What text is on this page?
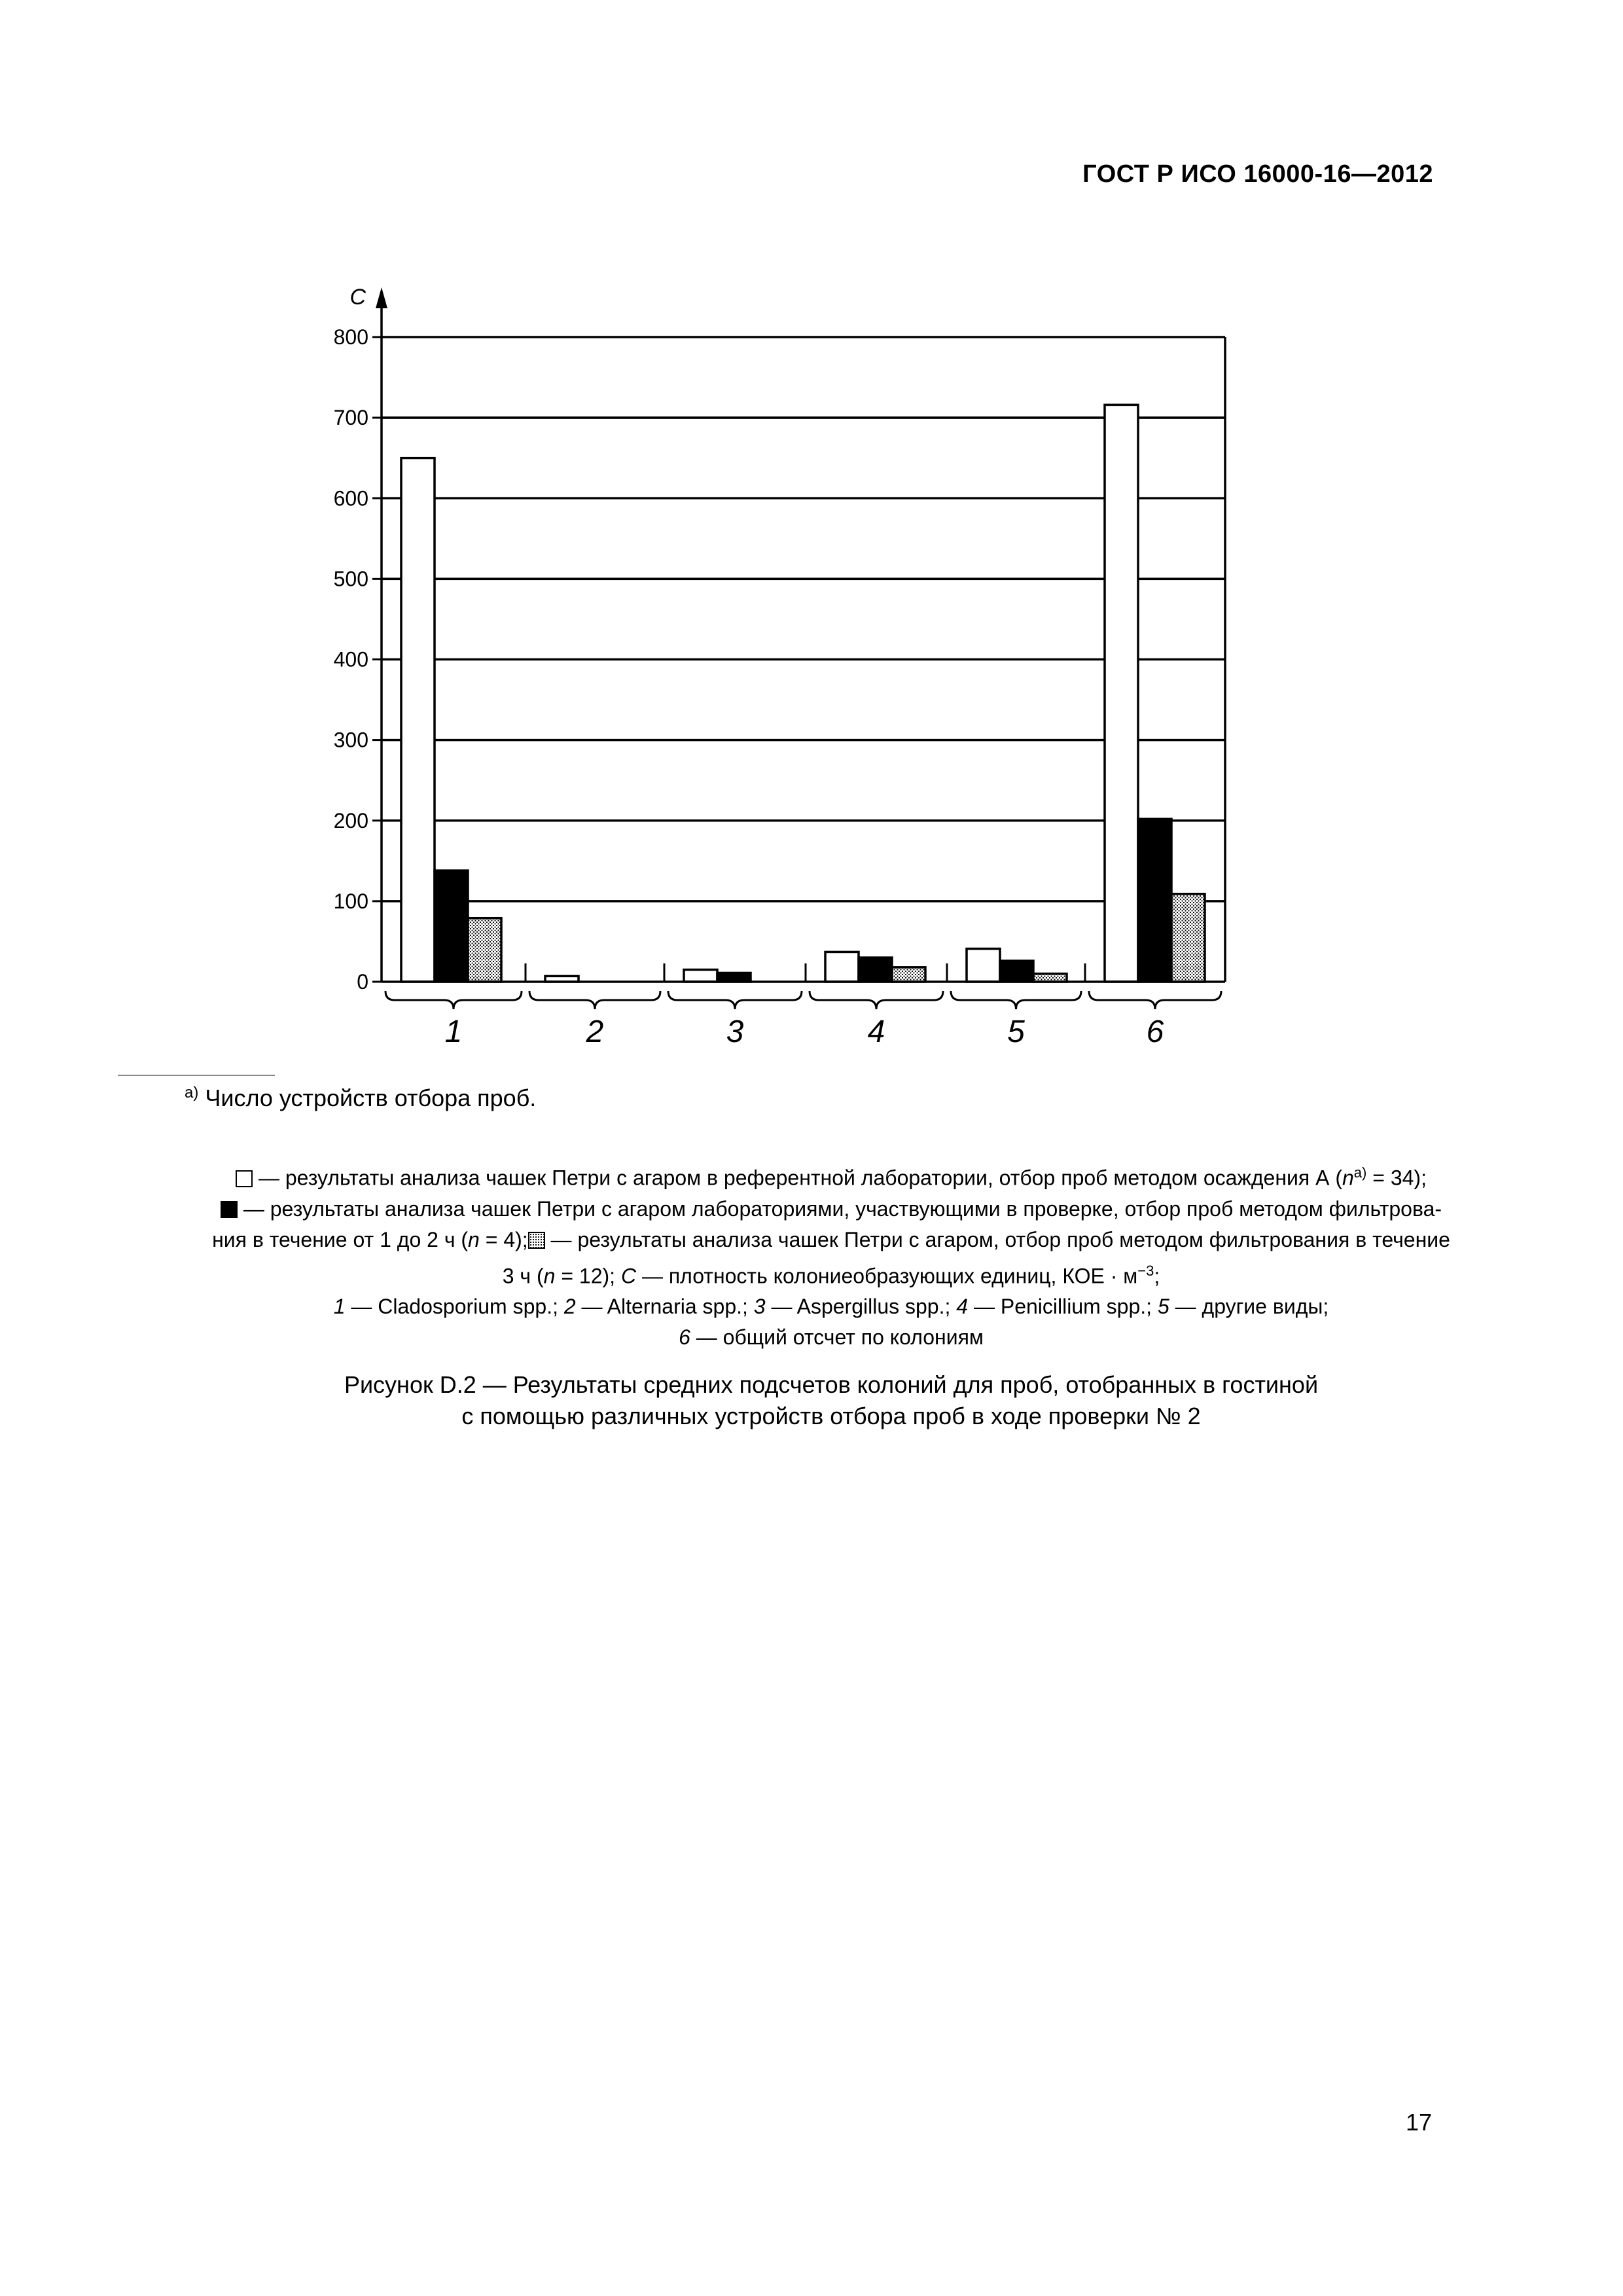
ГОСТ Р ИСО 16000-16—2012
0
100
200
300
400
500
600
700
800
C
1	2	3	4	5	6
$^{a)}$ Число устройств отбора проб.

— результаты анализа чашек Петри с агаром в референтной лаборатории, отбор проб методом осаждения А $(n^{а)} = 34)$;

— результаты анализа чашек Петри с агаром лабораториями, участвующими в проверке, отбор проб методом фильтрова-

ния в течение от 1 до 2 ч (n = 4); — результаты анализа чашек Петри с агаром, отбор проб методом фильтрования в течение

3 ч (n = 12); C — плотность колониеобразующих единиц, КОЕ · $м^{-3}$;

1 — Cladosporium spp.; 2 — Alternaria spp.; 3 — Aspergillus spp.; 4 — Penicillium spp.; 5 — другие виды;

6 — общий отсчет по колониям

Рисунок D.2 — Результаты средних подсчетов колоний для проб, отобранных в гостиной

с помощью различных устройств отбора проб в ходе проверки № 2

17
